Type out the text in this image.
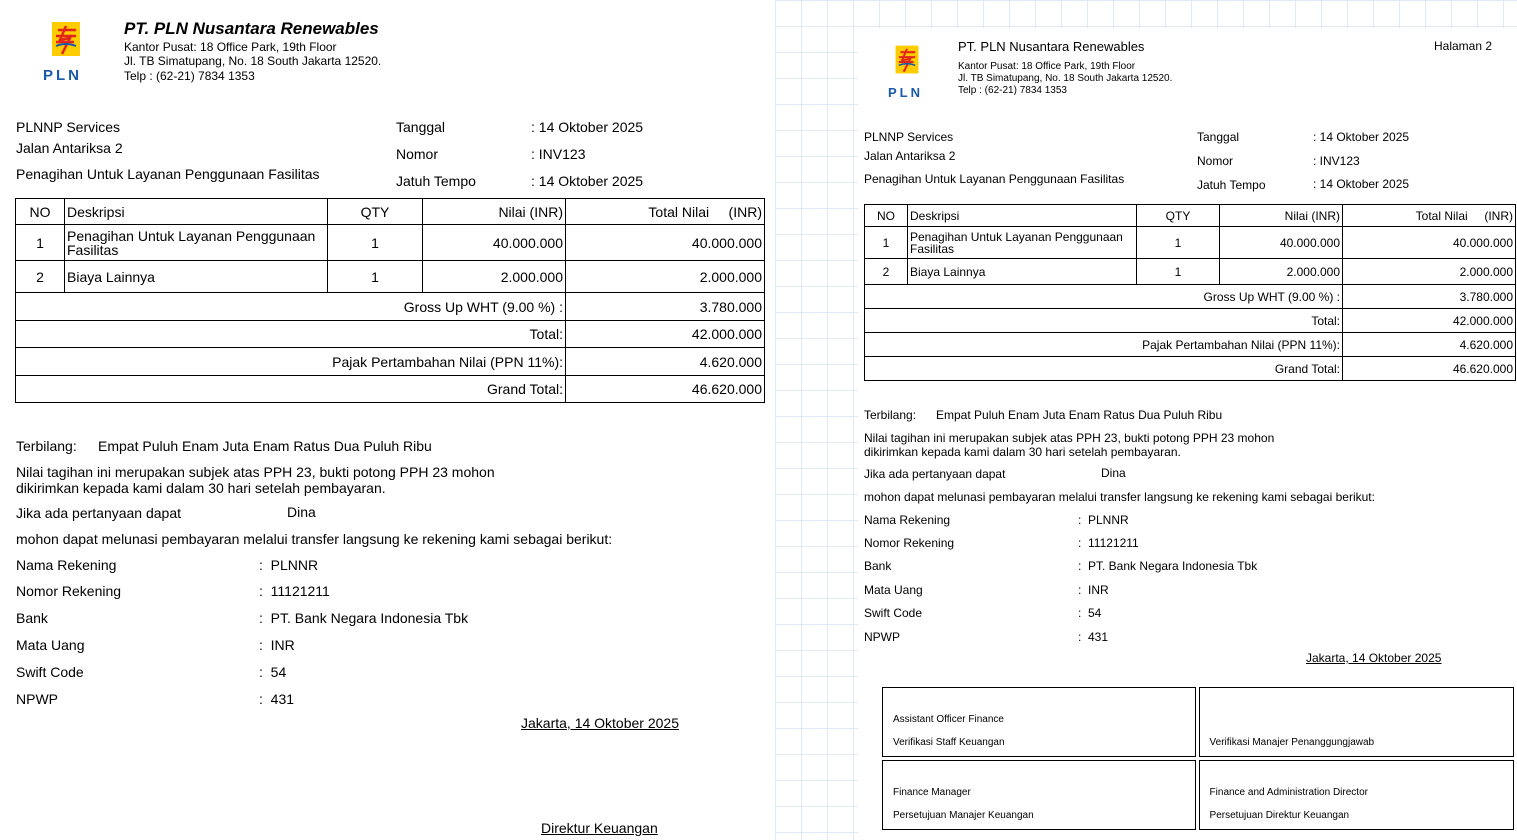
PLN
PT. PLN Nusantara Renewables
Kantor Pusat: 18 Office Park, 19th Floor
Jl. TB Simatupang, No. 18 South Jakarta 12520.
Telp : (62-21) 7834 1353
PLNNP Services
Jalan Antariksa 2
Penagihan Untuk Layanan Penggunaan Fasilitas
Tanggal	: 14 Oktober 2025
Nomor	: INV123
Jatuh Tempo	: 14 Oktober 2025
NO	Deskripsi	QTY	Nilai (INR)	Total Nilai     (INR)
1	Penagihan Untuk Layanan Penggunaan
Fasilitas	1	40.000.000	40.000.000
2	Biaya Lainnya	1	2.000.000	2.000.000
Gross Up WHT (9.00 %) :				3.780.000
Total:				42.000.000
Pajak Pertambahan Nilai (PPN 11%):				4.620.000
Grand Total:				46.620.000
Terbilang: Empat Puluh Enam Juta Enam Ratus Dua Puluh Ribu
Nilai tagihan ini merupakan subjek atas PPH 23, bukti potong PPH 23 mohon
dikirimkan kepada kami dalam 30 hari setelah pembayaran.
Jika ada pertanyaan dapat	Dina
mohon dapat melunasi pembayaran melalui transfer langsung ke rekening kami sebagai berikut:
Nama Rekening	:  PLNNR
Nomor Rekening	:  11121211
Bank	:  PT. Bank Negara Indonesia Tbk
Mata Uang	:  INR
Swift Code	:  54
NPWP	:  431
Jakarta, 14 Oktober 2025
Direktur Keuangan
PLN
PT. PLN Nusantara Renewables
Kantor Pusat: 18 Office Park, 19th Floor
Jl. TB Simatupang, No. 18 South Jakarta 12520.
Telp : (62-21) 7834 1353
Halaman 2
PLNNP Services
Jalan Antariksa 2
Penagihan Untuk Layanan Penggunaan Fasilitas
Tanggal	: 14 Oktober 2025
Nomor	: INV123
Jatuh Tempo	: 14 Oktober 2025
NO	Deskripsi	QTY	Nilai (INR)	Total Nilai     (INR)
1	Penagihan Untuk Layanan Penggunaan
Fasilitas	1	40.000.000	40.000.000
2	Biaya Lainnya	1	2.000.000	2.000.000
Gross Up WHT (9.00 %) :				3.780.000
Total:				42.000.000
Pajak Pertambahan Nilai (PPN 11%):				4.620.000
Grand Total:				46.620.000
Terbilang: Empat Puluh Enam Juta Enam Ratus Dua Puluh Ribu
Nilai tagihan ini merupakan subjek atas PPH 23, bukti potong PPH 23 mohon
dikirimkan kepada kami dalam 30 hari setelah pembayaran.
Jika ada pertanyaan dapat	Dina
mohon dapat melunasi pembayaran melalui transfer langsung ke rekening kami sebagai berikut:
Nama Rekening	:  PLNNR
Nomor Rekening	:  11121211
Bank	:  PT. Bank Negara Indonesia Tbk
Mata Uang	:  INR
Swift Code	:  54
NPWP	:  431
Jakarta, 14 Oktober 2025
Assistant Officer Finance
Verifikasi Staff Keuangan	Verifikasi Manajer Penanggungjawab

Finance Manager
Persetujuan Manajer Keuangan	Finance and Administration Director
Persetujuan Direktur Keuangan
